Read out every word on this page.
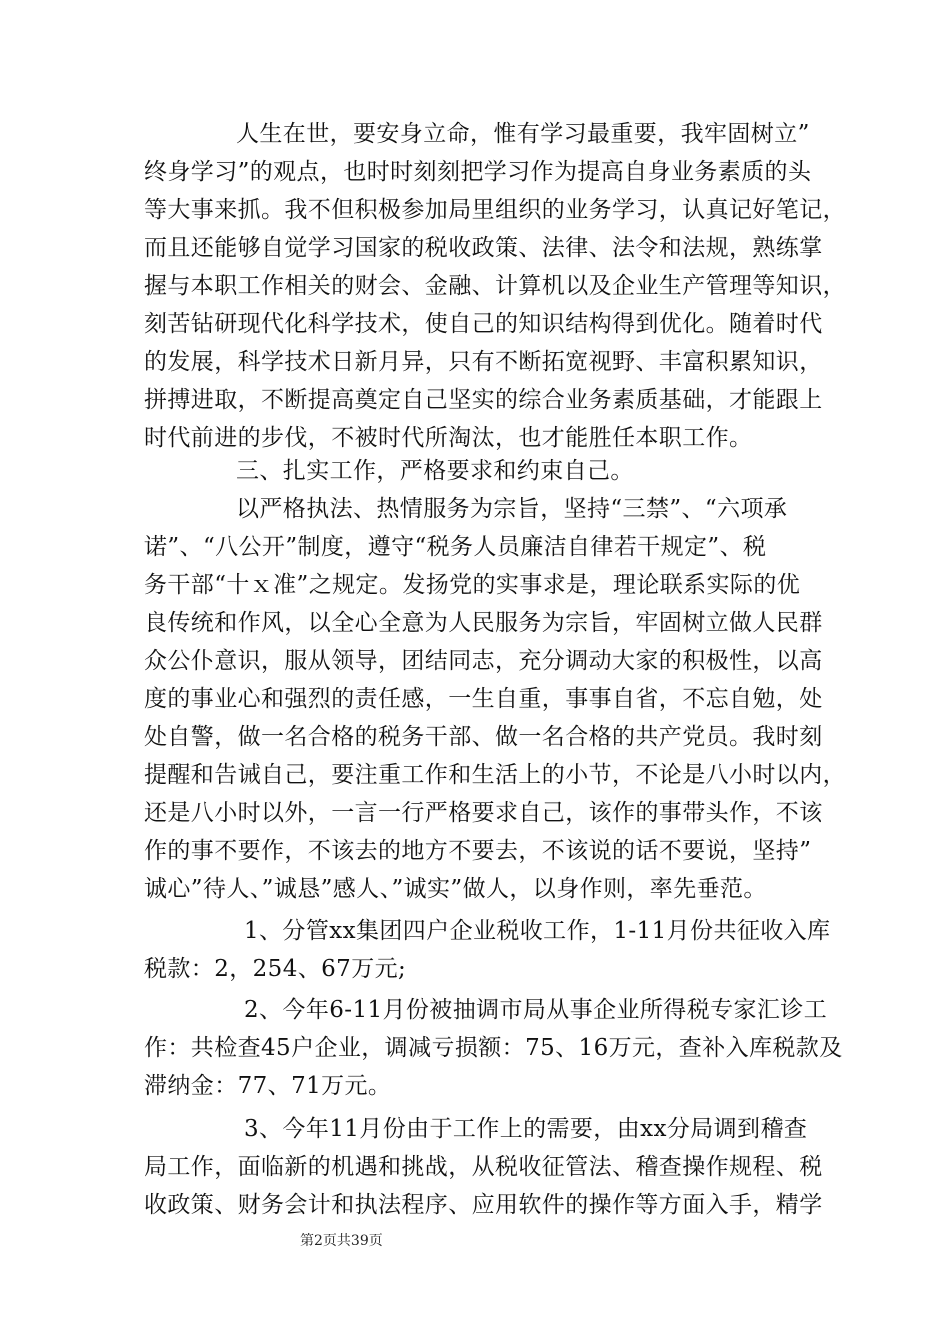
人生在世，要安身立命，惟有学习最重要，我牢固树立”
终身学习”的观点，也时时刻刻把学习作为提高自身业务素质的头
等大事来抓。我不但积极参加局里组织的业务学习，认真记好笔记，
而且还能够自觉学习国家的税收政策、法律、法令和法规，熟练掌
握与本职工作相关的财会、金融、计算机以及企业生产管理等知识，
刻苦钻研现代化科学技术，使自己的知识结构得到优化。随着时代
的发展，科学技术日新月异，只有不断拓宽视野、丰富积累知识，
拼搏进取，不断提高奠定自己坚实的综合业务素质基础，才能跟上
时代前进的步伐，不被时代所淘汰，也才能胜任本职工作。
三、扎实工作，严格要求和约束自己。
以严格执法、热情服务为宗旨，坚持“三禁”、“六项承
诺”、“八公开”制度，遵守“税务人员廉洁自律若干规定”、税
务干部“十ｘ准”之规定。发扬党的实事求是，理论联系实际的优
良传统和作风，以全心全意为人民服务为宗旨，牢固树立做人民群
众公仆意识，服从领导，团结同志，充分调动大家的积极性，以高
度的事业心和强烈的责任感，一生自重，事事自省，不忘自勉，处
处自警，做一名合格的税务干部、做一名合格的共产党员。我时刻
提醒和告诫自己，要注重工作和生活上的小节，不论是八小时以内，
还是八小时以外，一言一行严格要求自己，该作的事带头作，不该
作的事不要作，不该去的地方不要去，不该说的话不要说，坚持”
诚心”待人、”诚恳”感人、”诚实”做人，以身作则，率先垂范。
1、分管xx集团四户企业税收工作，1-11月份共征收入库
税款：2，254、67万元;
2、今年6-11月份被抽调市局从事企业所得税专家汇诊工
作：共检查45户企业，调减亏损额：75、16万元，查补入库税款及
滞纳金：77、71万元。
3、今年11月份由于工作上的需要，由xx分局调到稽查
局工作，面临新的机遇和挑战，从税收征管法、稽查操作规程、税
收政策、财务会计和执法程序、应用软件的操作等方面入手，精学
第2页共39页
